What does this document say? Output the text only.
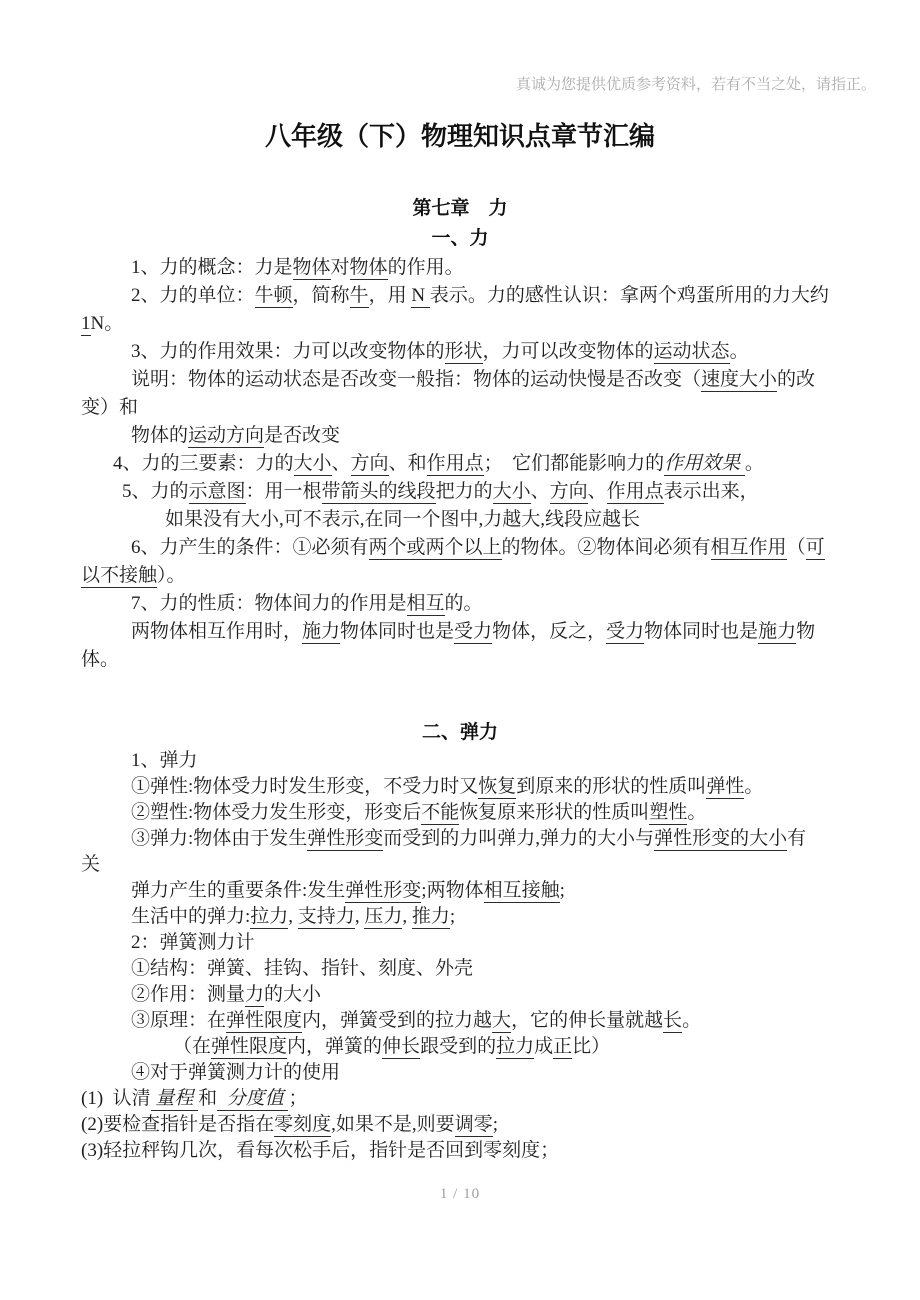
真诚为您提供优质参考资料，若有不当之处，请指正。
八年级（下）物理知识点章节汇编
第七章　力
一、力
1、力的概念：力是物体对物体的作用。
2、力的单位：牛顿，简称牛，用 N 表示。力的感性认识：拿两个鸡蛋所用的力大约
1N。
3、力的作用效果：力可以改变物体的形状，力可以改变物体的运动状态。
说明：物体的运动状态是否改变一般指：物体的运动快慢是否改变（速度大小的改
变）和
物体的运动方向是否改变
4、力的三要素：力的大小、方向、和作用点；  它们都能影响力的作用效果 。
5、力的示意图：用一根带箭头的线段把力的大小、方向、作用点表示出来，
如果没有大小,可不表示,在同一个图中,力越大,线段应越长
6、力产生的条件：①必须有两个或两个以上的物体。②物体间必须有相互作用（可
以不接触）。
7、力的性质：物体间力的作用是相互的。
两物体相互作用时，施力物体同时也是受力物体，反之，受力物体同时也是施力物
体。
二、弹力
1、弹力
①弹性:物体受力时发生形变，不受力时又恢复到原来的形状的性质叫弹性。
②塑性:物体受力发生形变，形变后不能恢复原来形状的性质叫塑性。
③弹力:物体由于发生弹性形变而受到的力叫弹力,弹力的大小与弹性形变的大小有
关
弹力产生的重要条件:发生弹性形变;两物体相互接触;
生活中的弹力:拉力, 支持力, 压力, 推力;
2：弹簧测力计
①结构：弹簧、挂钩、指针、刻度、外壳
②作用：测量力的大小
③原理：在弹性限度内，弹簧受到的拉力越大，它的伸长量就越长。
（在弹性限度内，弹簧的伸长跟受到的拉力成正比）
④对于弹簧测力计的使用
(1)  认清 量程 和  分度值 ；
(2)要检查指针是否指在零刻度,如果不是,则要调零;
(3)轻拉秤钩几次，看每次松手后，指针是否回到零刻度；
1 / 10
